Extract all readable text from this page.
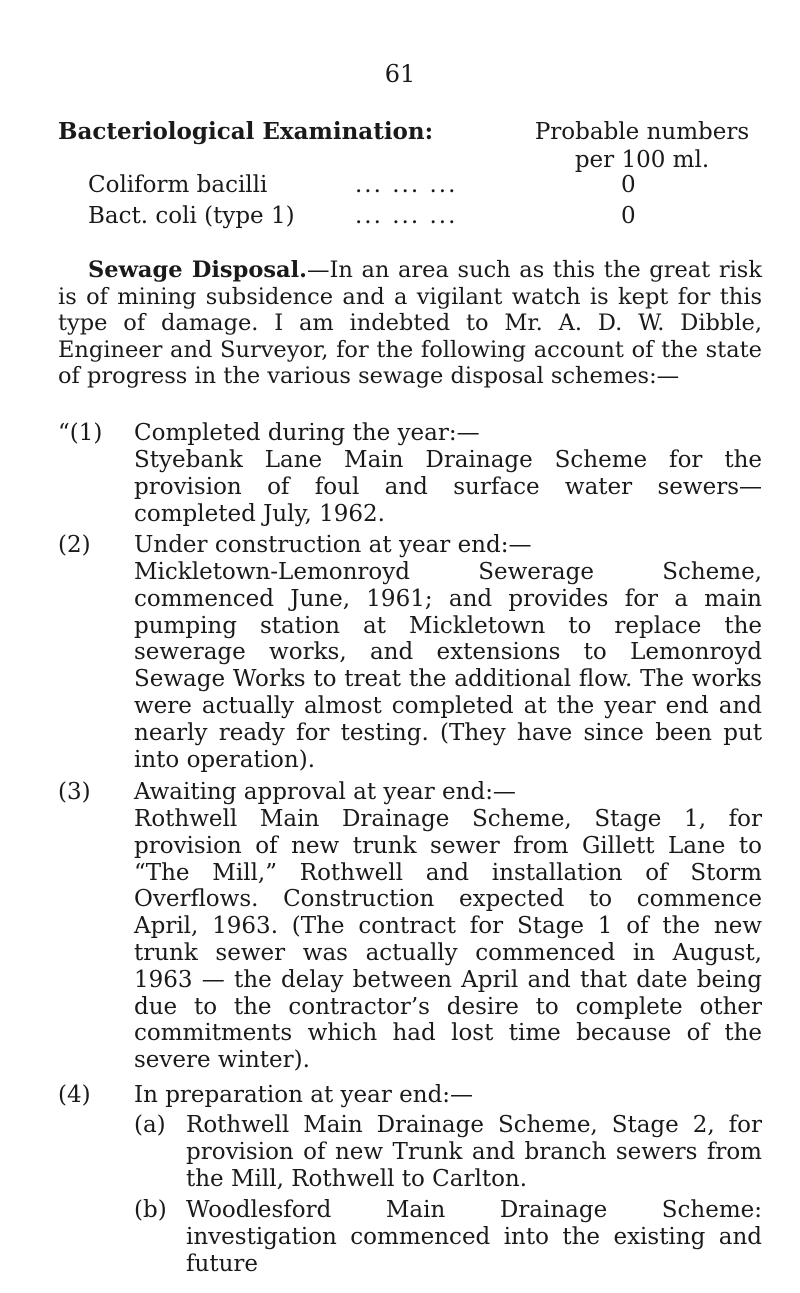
61
Bacteriological Examination:	Probable numbers
per 100 ml.
Coliform bacilli	... ... ...	0
Bact. coli (type 1)	... ... ...	0
Sewage Disposal.—In an area such as this the great risk is of mining subsidence and a vigilant watch is kept for this type of damage. I am indebted to Mr. A. D. W. Dibble, Engineer and Surveyor, for the following account of the state of progress in the various sewage disposal schemes:—
“(1) Completed during the year:—
Styebank Lane Main Drainage Scheme for the provision of foul and surface water sewers—completed July, 1962.
(2) Under construction at year end:—
Mickletown-Lemonroyd Sewerage Scheme, commenced June, 1961; and provides for a main pumping station at Mickletown to replace the sewerage works, and extensions to Lemonroyd Sewage Works to treat the additional flow. The works were actually almost completed at the year end and nearly ready for testing. (They have since been put into operation).
(3) Awaiting approval at year end:—
Rothwell Main Drainage Scheme, Stage 1, for provision of new trunk sewer from Gillett Lane to “The Mill,” Rothwell and installation of Storm Overflows. Construction expected to commence April, 1963. (The contract for Stage 1 of the new trunk sewer was actually commenced in August, 1963 — the delay between April and that date being due to the contractor’s desire to complete other commitments which had lost time because of the severe winter).
(4) In preparation at year end:—
(a) Rothwell Main Drainage Scheme, Stage 2, for provision of new Trunk and branch sewers from the Mill, Rothwell to Carlton.
(b) Woodlesford Main Drainage Scheme: investigation commenced into the existing and future
